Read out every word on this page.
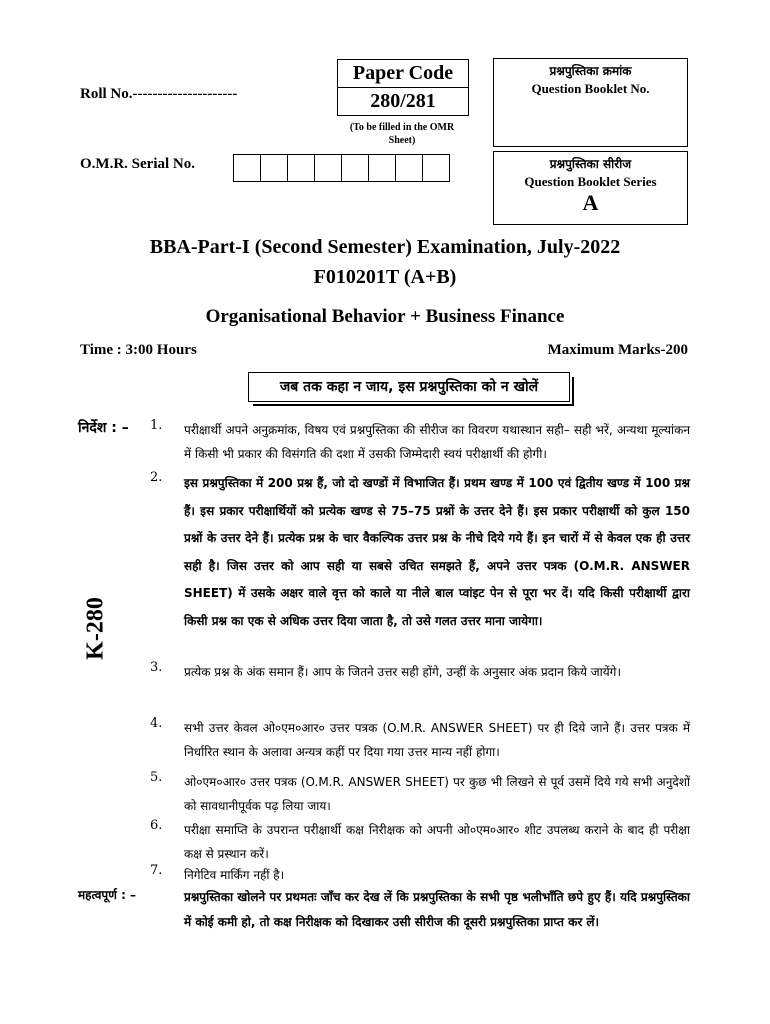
Roll No.---------------------
O.M.R. Serial No.
Paper Code
280/281
(To be filled in the OMR Sheet)
प्रश्नपुस्तिका क्रमांक
Question Booklet No.
प्रश्नपुस्तिका सीरीज
Question Booklet Series
A
BBA-Part-I (Second Semester) Examination, July-2022
F010201T (A+B)
Organisational Behavior + Business Finance
Time : 3:00 Hours	Maximum Marks-200
जब तक कहा न जाय, इस प्रश्नपुस्तिका को न खोलें
K-280
निर्देश : – 1. परीक्षार्थी अपने अनुक्रमांक, विषय एवं प्रश्नपुस्तिका की सीरीज का विवरण यथास्थान सही– सही भरें, अन्यथा मूल्यांकन में किसी भी प्रकार की विसंगति की दशा में उसकी जिम्मेदारी स्वयं परीक्षार्थी की होगी।
2. इस प्रश्नपुस्तिका में 200 प्रश्न हैं, जो दो खण्डों में विभाजित हैं। प्रथम खण्ड में 100 एवं द्वितीय खण्ड में 100 प्रश्न हैं। इस प्रकार परीक्षार्थियों को प्रत्येक खण्ड से 75–75 प्रश्नों के उत्तर देने हैं। इस प्रकार परीक्षार्थी को कुल 150 प्रश्नों के उत्तर देने हैं। प्रत्येक प्रश्न के चार वैकल्पिक उत्तर प्रश्न के नीचे दिये गये हैं। इन चारों में से केवल एक ही उत्तर सही है। जिस उत्तर को आप सही या सबसे उचित समझते हैं, अपने उत्तर पत्रक (O.M.R. ANSWER SHEET) में उसके अक्षर वाले वृत्त को काले या नीले बाल प्वांइट पेन से पूरा भर दें। यदि किसी परीक्षार्थी द्वारा किसी प्रश्न का एक से अधिक उत्तर दिया जाता है, तो उसे गलत उत्तर माना जायेगा।
3. प्रत्येक प्रश्न के अंक समान हैं। आप के जितने उत्तर सही होंगे, उन्हीं के अनुसार अंक प्रदान किये जायेंगे।
4. सभी उत्तर केवल ओ०एम०आर० उत्तर पत्रक (O.M.R. ANSWER SHEET) पर ही दिये जाने हैं। उत्तर पत्रक में निर्धारित स्थान के अलावा अन्यत्र कहीं पर दिया गया उत्तर मान्य नहीं होगा।
5. ओ०एम०आर० उत्तर पत्रक (O.M.R. ANSWER SHEET) पर कुछ भी लिखने से पूर्व उसमें दिये गये सभी अनुदेशों को सावधानीपूर्वक पढ़ लिया जाय।
6. परीक्षा समाप्ति के उपरान्त परीक्षार्थी कक्ष निरीक्षक को अपनी ओ०एम०आर० शीट उपलब्ध कराने के बाद ही परीक्षा कक्ष से प्रस्थान करें।
7. निगेटिव मार्किंग नहीं है।
महत्वपूर्ण : –	प्रश्नपुस्तिका खोलने पर प्रथमतः जाँच कर देख लें कि प्रश्नपुस्तिका के सभी पृष्ठ भलीभाँति छपे हुए हैं। यदि प्रश्नपुस्तिका में कोई कमी हो, तो कक्ष निरीक्षक को दिखाकर उसी सीरीज की दूसरी प्रश्नपुस्तिका प्राप्त कर लें।
